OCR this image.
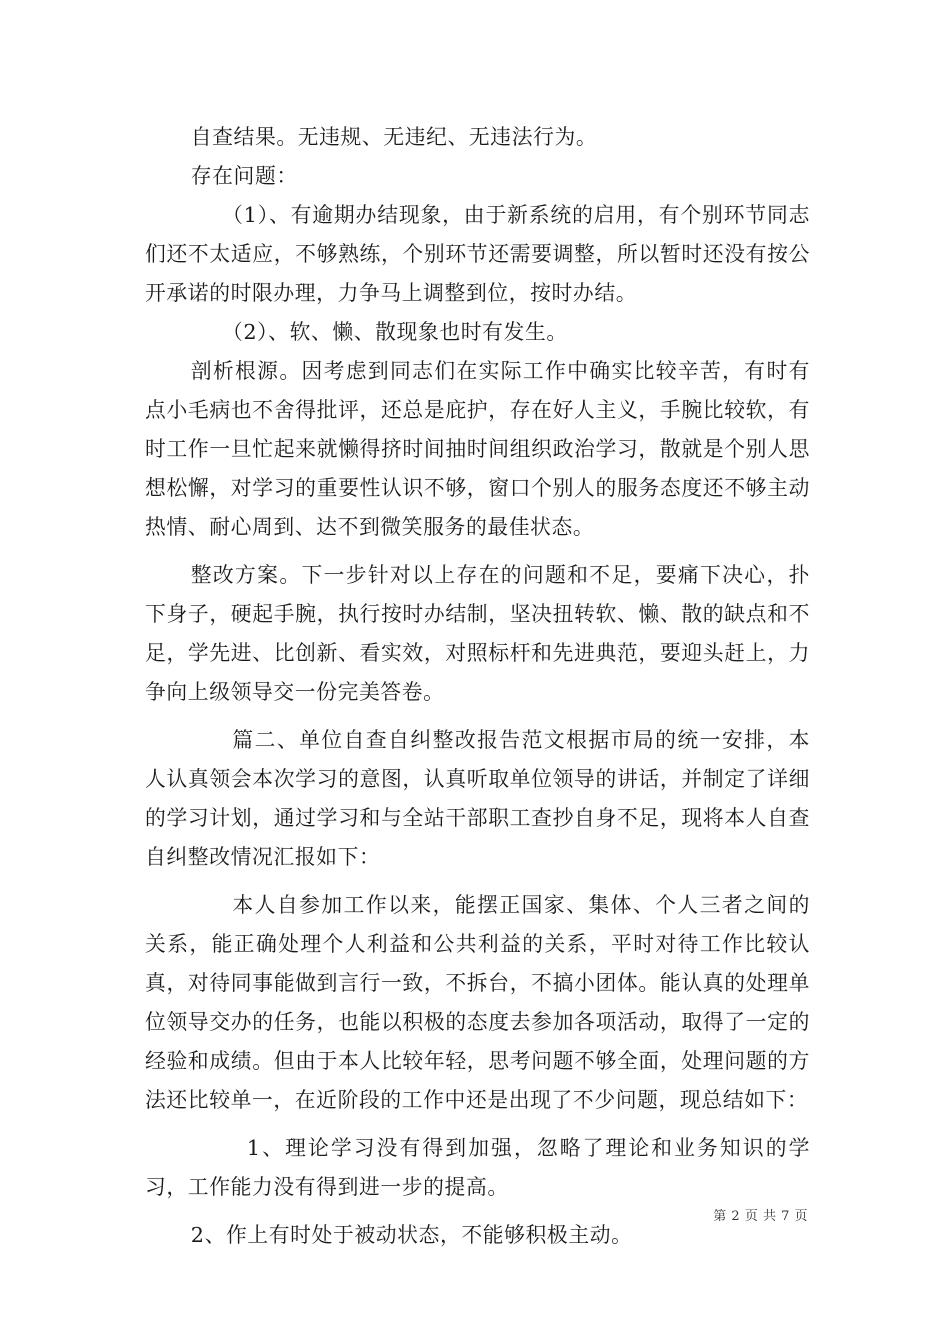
自查结果。无违规、无违纪、无违法行为。

存在问题：

（1）、有逾期办结现象，由于新系统的启用，有个别环节同志们还不太适应，不够熟练，个别环节还需要调整，所以暂时还没有按公开承诺的时限办理，力争马上调整到位，按时办结。

（2）、软、懒、散现象也时有发生。

剖析根源。因考虑到同志们在实际工作中确实比较辛苦，有时有点小毛病也不舍得批评，还总是庇护，存在好人主义，手腕比较软，有时工作一旦忙起来就懒得挤时间抽时间组织政治学习，散就是个别人思想松懈，对学习的重要性认识不够，窗口个别人的服务态度还不够主动热情、耐心周到、达不到微笑服务的最佳状态。

整改方案。下一步针对以上存在的问题和不足，要痛下决心，扑下身子，硬起手腕，执行按时办结制，坚决扭转软、懒、散的缺点和不足，学先进、比创新、看实效，对照标杆和先进典范，要迎头赶上，力争向上级领导交一份完美答卷。

篇二、单位自查自纠整改报告范文根据市局的统一安排，本人认真领会本次学习的意图，认真听取单位领导的讲话，并制定了详细的学习计划，通过学习和与全站干部职工查抄自身不足，现将本人自查自纠整改情况汇报如下：

本人自参加工作以来，能摆正国家、集体、个人三者之间的关系，能正确处理个人利益和公共利益的关系，平时对待工作比较认真，对待同事能做到言行一致，不拆台，不搞小团体。能认真的处理单位领导交办的任务，也能以积极的态度去参加各项活动，取得了一定的经验和成绩。但由于本人比较年轻，思考问题不够全面，处理问题的方法还比较单一，在近阶段的工作中还是出现了不少问题，现总结如下：

1、理论学习没有得到加强，忽略了理论和业务知识的学习，工作能力没有得到进一步的提高。

2、作上有时处于被动状态，不能够积极主动。

第 2 页 共 7 页
